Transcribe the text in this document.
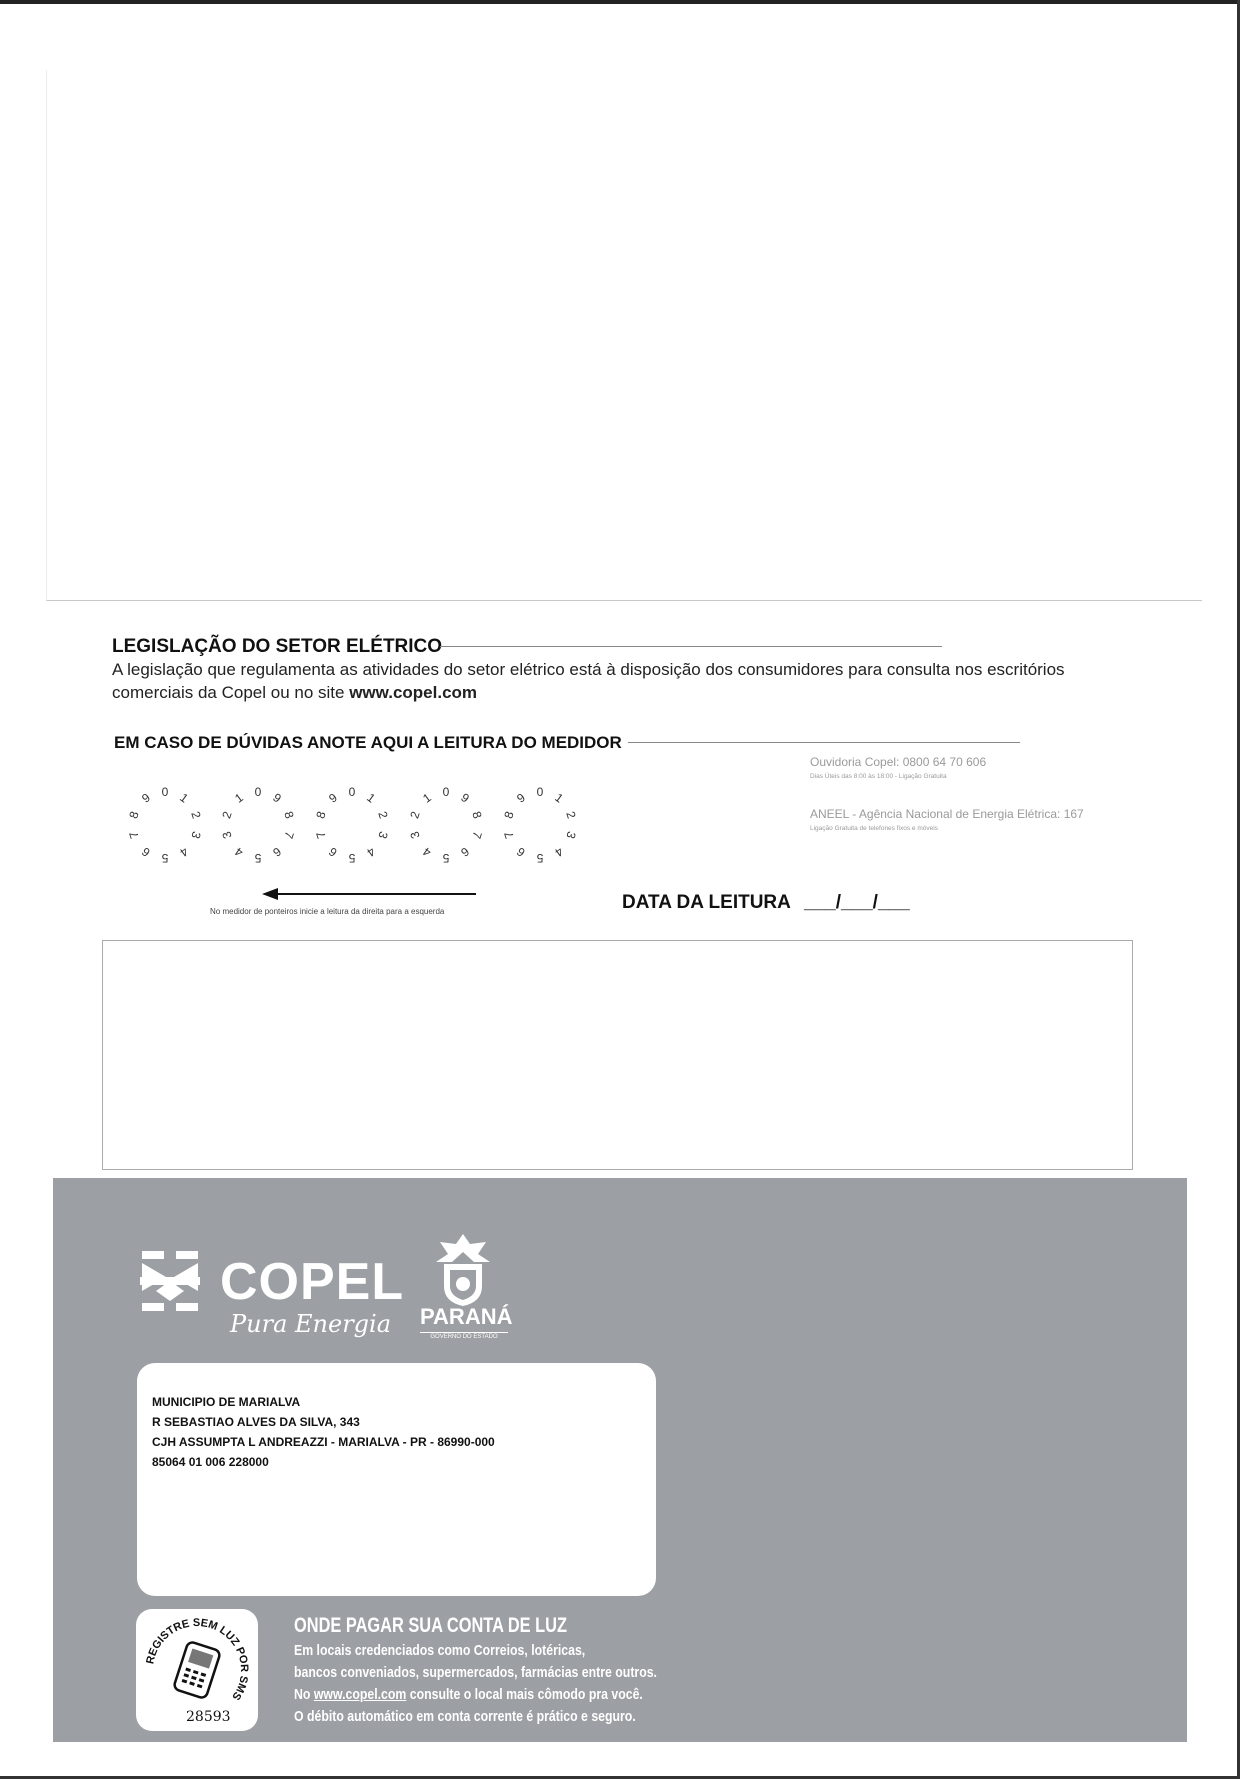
LEGISLAÇÃO DO SETOR ELÉTRICO
A legislação que regulamenta as atividades do setor elétrico está à disposição dos consumidores para consulta nos escritórios comerciais da Copel ou no site www.copel.com
EM CASO DE DÚVIDAS ANOTE AQUI A LEITURA DO MEDIDOR
0 1
2
3
4
5
6
7
8
9	0
1
2
3
4 5 6
7
8
9	0 1
2
3
4
5
6
7
8
9	0
1
2
3
4 5 6
7
8
9	0 1
2
3
4
5
6
7
8
9
No medidor de ponteiros inicie a leitura da direita para a esquerda
Ouvidoria Copel: 0800 64 70 606
Dias Úteis das 8:00 às 18:00 - Ligação Gratuita
ANEEL - Agência Nacional de Energia Elétrica: 167
Ligação Gratuita de telefones fixos e móveis
DATA DA LEITURA ___/___/___
COPEL
Pura Energia PARANÁ
GOVERNO DO ESTADO
MUNICIPIO DE MARIALVA
R SEBASTIAO ALVES DA SILVA, 343
CJH ASSUMPTA L ANDREAZZI - MARIALVA - PR - 86990-000
85064 01 006 228000
REGISTRE SEM LUZ POR SMS
28593
ONDE PAGAR SUA CONTA DE LUZ
Em locais credenciados como Correios, lotéricas,
bancos conveniados, supermercados, farmácias entre outros.
No www.copel.com consulte o local mais cômodo pra você.
O débito automático em conta corrente é prático e seguro.
